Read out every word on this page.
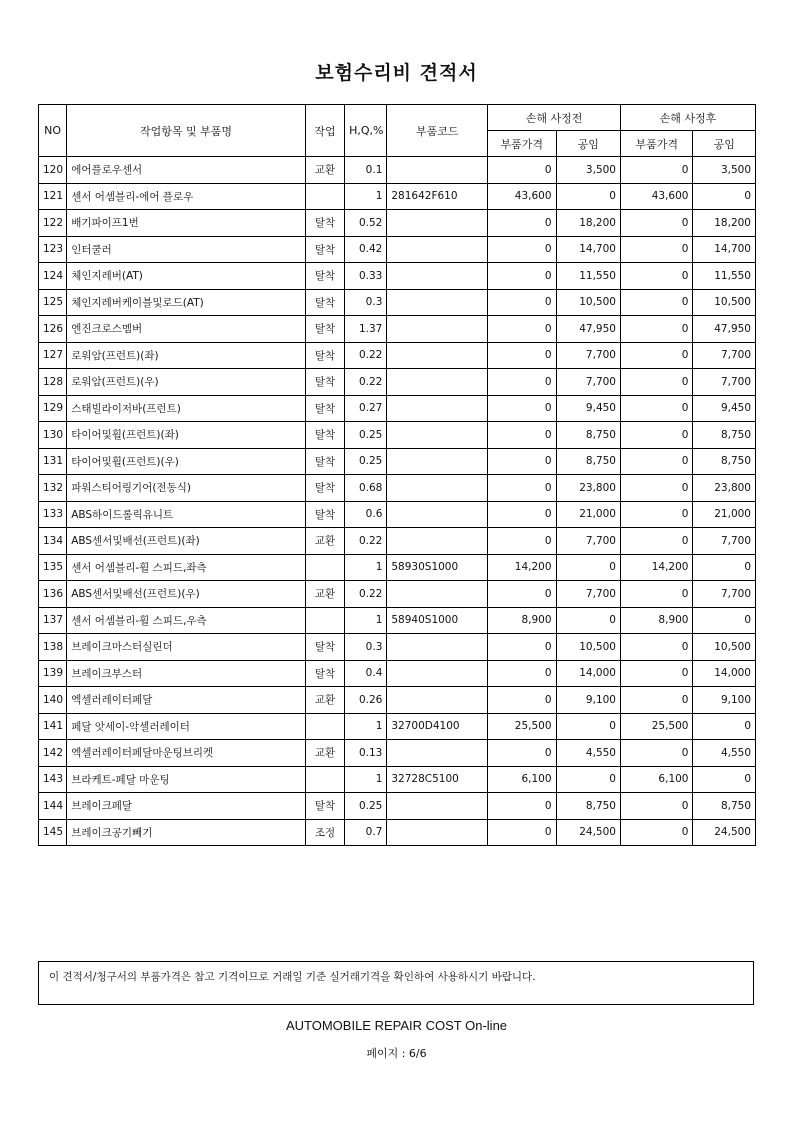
보험수리비 견적서
NO	작업항목 및 부품명	작업	H,Q,%	부품코드	손해 사정전		손해 사정후	
					부품가격	공임	부품가격	공임
120	에어플로우센서	교환	0.1		0	3,500	0	3,500
121	센서 어셈블리-에어 플로우		1	281642F610	43,600	0	43,600	0
122	배기파이프1번	탈착	0.52		0	18,200	0	18,200
123	인터쿨러	탈착	0.42		0	14,700	0	14,700
124	체인지레버(AT)	탈착	0.33		0	11,550	0	11,550
125	체인지레버케이블및로드(AT)	탈착	0.3		0	10,500	0	10,500
126	엔진크로스멤버	탈착	1.37		0	47,950	0	47,950
127	로워암(프런트)(좌)	탈착	0.22		0	7,700	0	7,700
128	로워암(프런트)(우)	탈착	0.22		0	7,700	0	7,700
129	스태빌라이저바(프런트)	탈착	0.27		0	9,450	0	9,450
130	타이어및휠(프런트)(좌)	탈착	0.25		0	8,750	0	8,750
131	타이어및휠(프런트)(우)	탈착	0.25		0	8,750	0	8,750
132	파워스티어링기어(전동식)	탈착	0.68		0	23,800	0	23,800
133	ABS하이드롤릭유니트	탈착	0.6		0	21,000	0	21,000
134	ABS센서및배선(프런트)(좌)	교환	0.22		0	7,700	0	7,700
135	센서 어셈블리-휠 스피드,좌측		1	58930S1000	14,200	0	14,200	0
136	ABS센서및배선(프런트)(우)	교환	0.22		0	7,700	0	7,700
137	센서 어셈블리-휠 스피드,우측		1	58940S1000	8,900	0	8,900	0
138	브레이크마스터실린더	탈착	0.3		0	10,500	0	10,500
139	브레이크부스터	탈착	0.4		0	14,000	0	14,000
140	엑셀러레이터페달	교환	0.26		0	9,100	0	9,100
141	페달 앗세이-악셀러레이터		1	32700D4100	25,500	0	25,500	0
142	엑셀러레이터페달마운팅브리켓	교환	0.13		0	4,550	0	4,550
143	브라케트-페달 마운팅		1	32728C5100	6,100	0	6,100	0
144	브레이크페달	탈착	0.25		0	8,750	0	8,750
145	브레이크공기빼기	조정	0.7		0	24,500	0	24,500
이 견적서/청구서의 부품가격은 참고 기격이므로 거래일 기준 실거래기격을 확인하여 사용하시기 바랍니다.
AUTOMOBILE REPAIR COST On-line
페이지 : 6/6
